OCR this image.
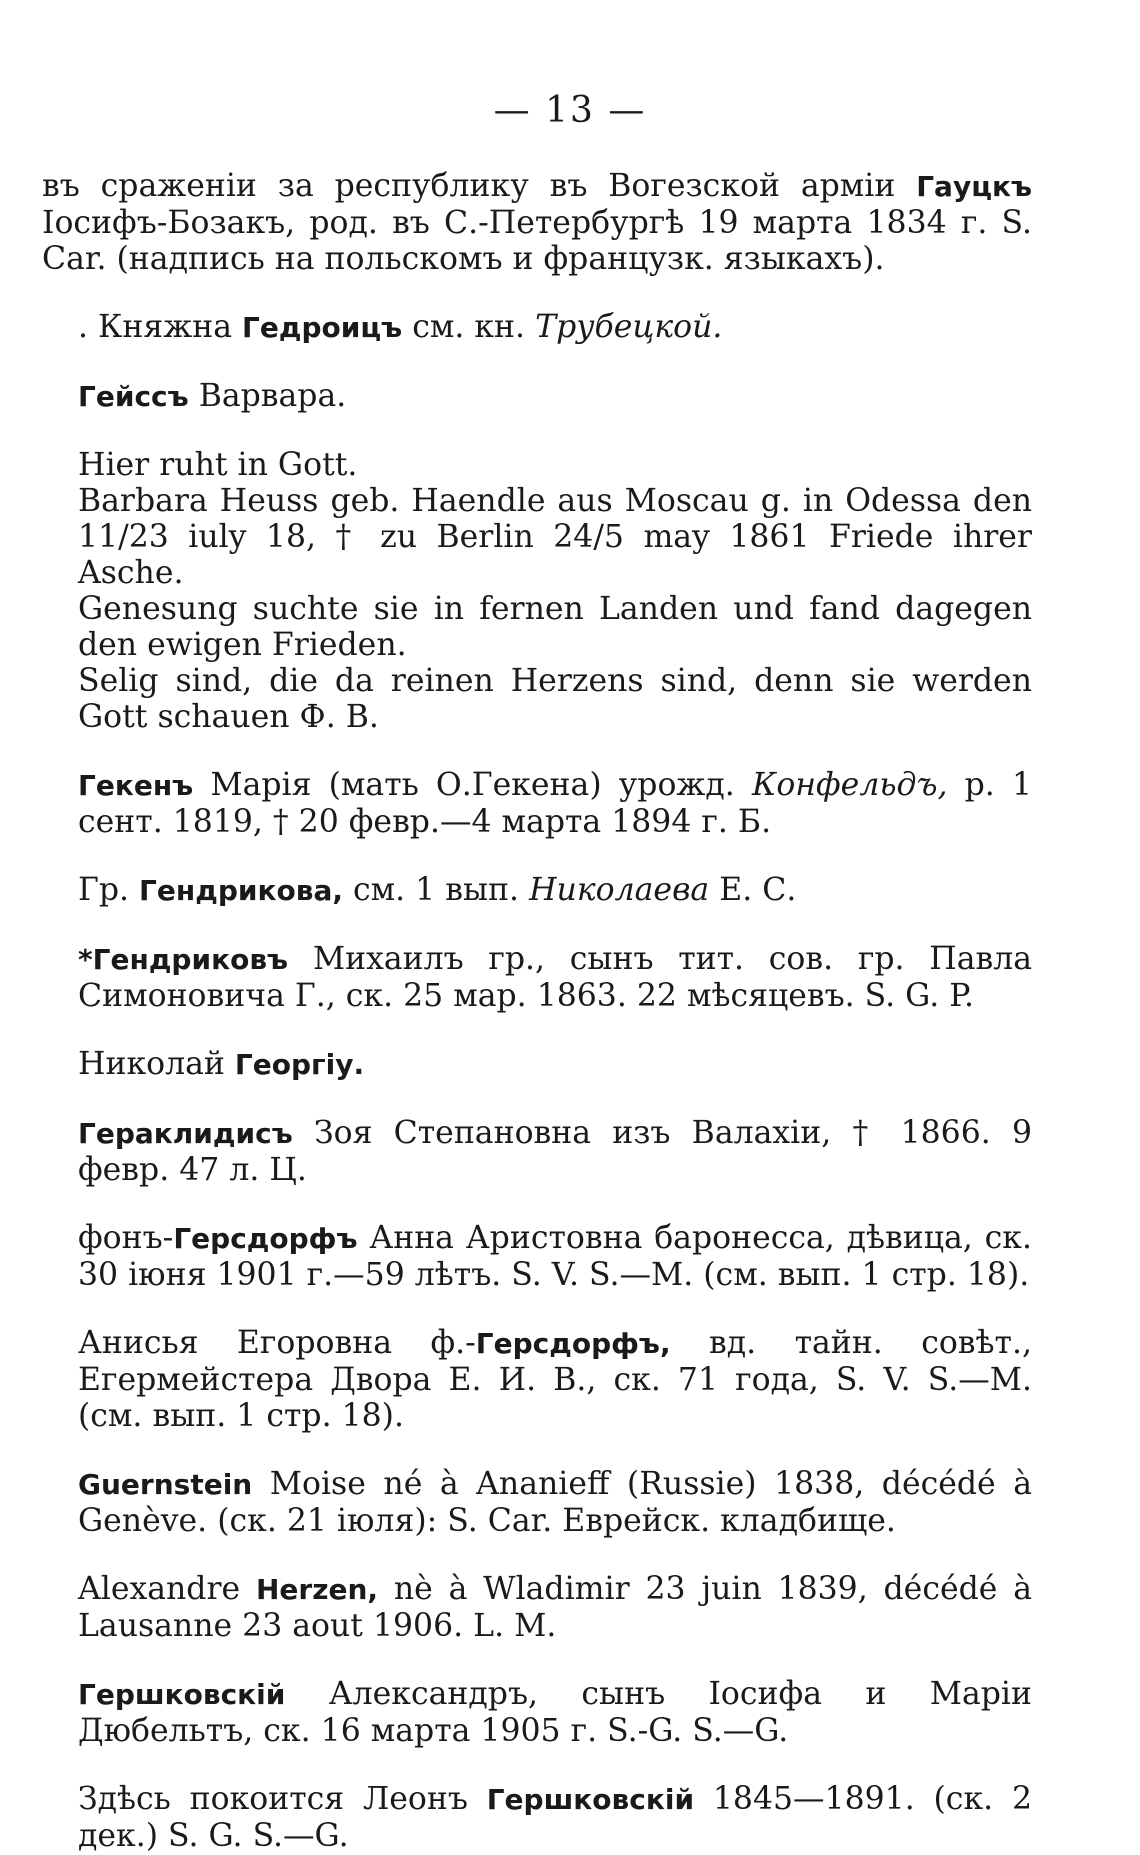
— 13 —

въ сраженіи за республику въ Вогезской арміи Гауцкъ Іосифъ-Бозакъ, род. въ С.-Петербургѣ 19 марта 1834 г. S. Car. (надпись на польскомъ и французк. языкахъ).

. Княжна Гедроицъ см. кн. Трубецкой.

Гейссъ Варвара.

Hier ruht in Gott.
Barbara Heuss geb. Haendle aus Moscau g. in Odessa den 11/23 iuly 18, † zu Berlin 24/5 may 1861 Friede ihrer Asche.
Genesung suchte sie in fernen Landen und fand dagegen den ewigen Frieden.
Selig sind, die da reinen Herzens sind, denn sie werden Gott schauen Ф. В.

Гекенъ Марія (мать О.Гекена) урожд. Конфельдъ, р. 1 сент. 1819, † 20 февр.—4 марта 1894 г. Б.

Гр. Гендрикова, см. 1 вып. Николаева Е. С.

*Гендриковъ Михаилъ гр., сынъ тит. сов. гр. Павла Симоновича Г., ск. 25 мар. 1863. 22 мѣсяцевъ. S. G. P.

Николай Георгіу.

Гераклидисъ Зоя Степановна изъ Валахіи, † 1866. 9 февр. 47 л. Ц.

фонъ-Герсдорфъ Анна Аристовна баронесса, дѣвица, ск. 30 іюня 1901 г.—59 лѣтъ. S. V. S.—M. (см. вып. 1 стр. 18).

Анисья Егоровна ф.-Герсдорфъ, вд. тайн. совѣт., Егермейстера Двора Е. И. В., ск. 71 года, S. V. S.—M. (см. вып. 1 стр. 18).

Guernstein Moise né à Ananieff (Russie) 1838, décédé à Genève. (ск. 21 іюля): S. Car. Еврейск. кладбище.

Alexandre Herzen, nè à Wladimir 23 juin 1839, décédé à Lausanne 23 aout 1906. L. M.

Гершковскій Александръ, сынъ Іосифа и Маріи Дюбельтъ, ск. 16 марта 1905 г. S.-G. S.—G.

Здѣсь покоится Леонъ Гершковскій 1845—1891. (ск. 2 дек.) S. G. S.—G.
